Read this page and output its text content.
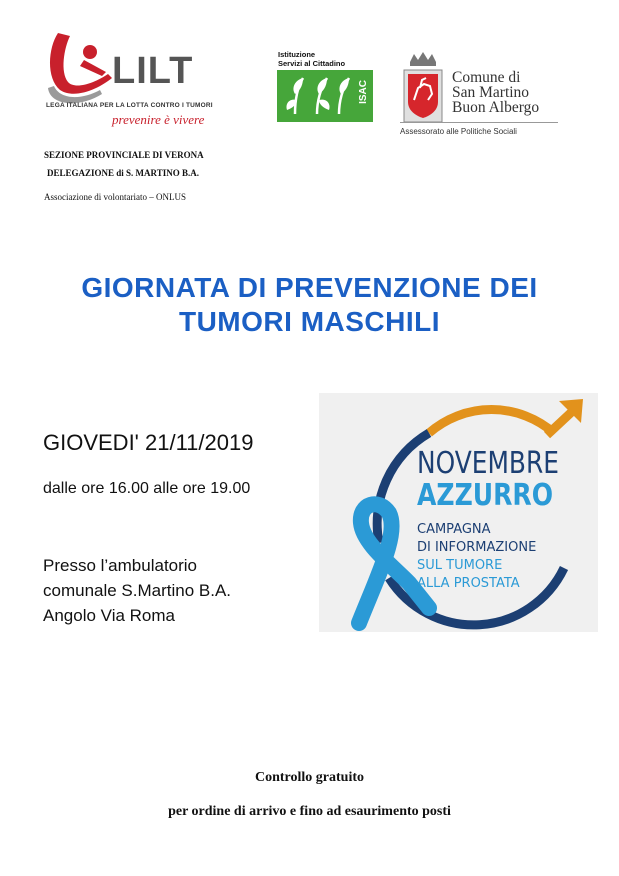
LILT
LEGA ITALIANA PER LA LOTTA CONTRO I TUMORI
prevenire è vivere
SEZIONE PROVINCIALE DI VERONA
DELEGAZIONE di S. MARTINO B.A.
Associazione di volontariato – ONLUS
Istituzione
Servizi al Cittadino
ISAC
Comune di
San Martino
Buon Albergo
Assessorato alle Politiche Sociali
GIORNATA DI PREVENZIONE DEI
TUMORI MASCHILI
GIOVEDI' 21/11/2019
dalle ore 16.00 alle ore 19.00
Presso l’ambulatorio
comunale S.Martino B.A.
Angolo Via Roma
NOVEMBRE
AZZURRO
CAMPAGNA
DI INFORMAZIONE
SUL TUMORE
ALLA PROSTATA
Controllo gratuito
per ordine di arrivo e fino ad esaurimento posti
